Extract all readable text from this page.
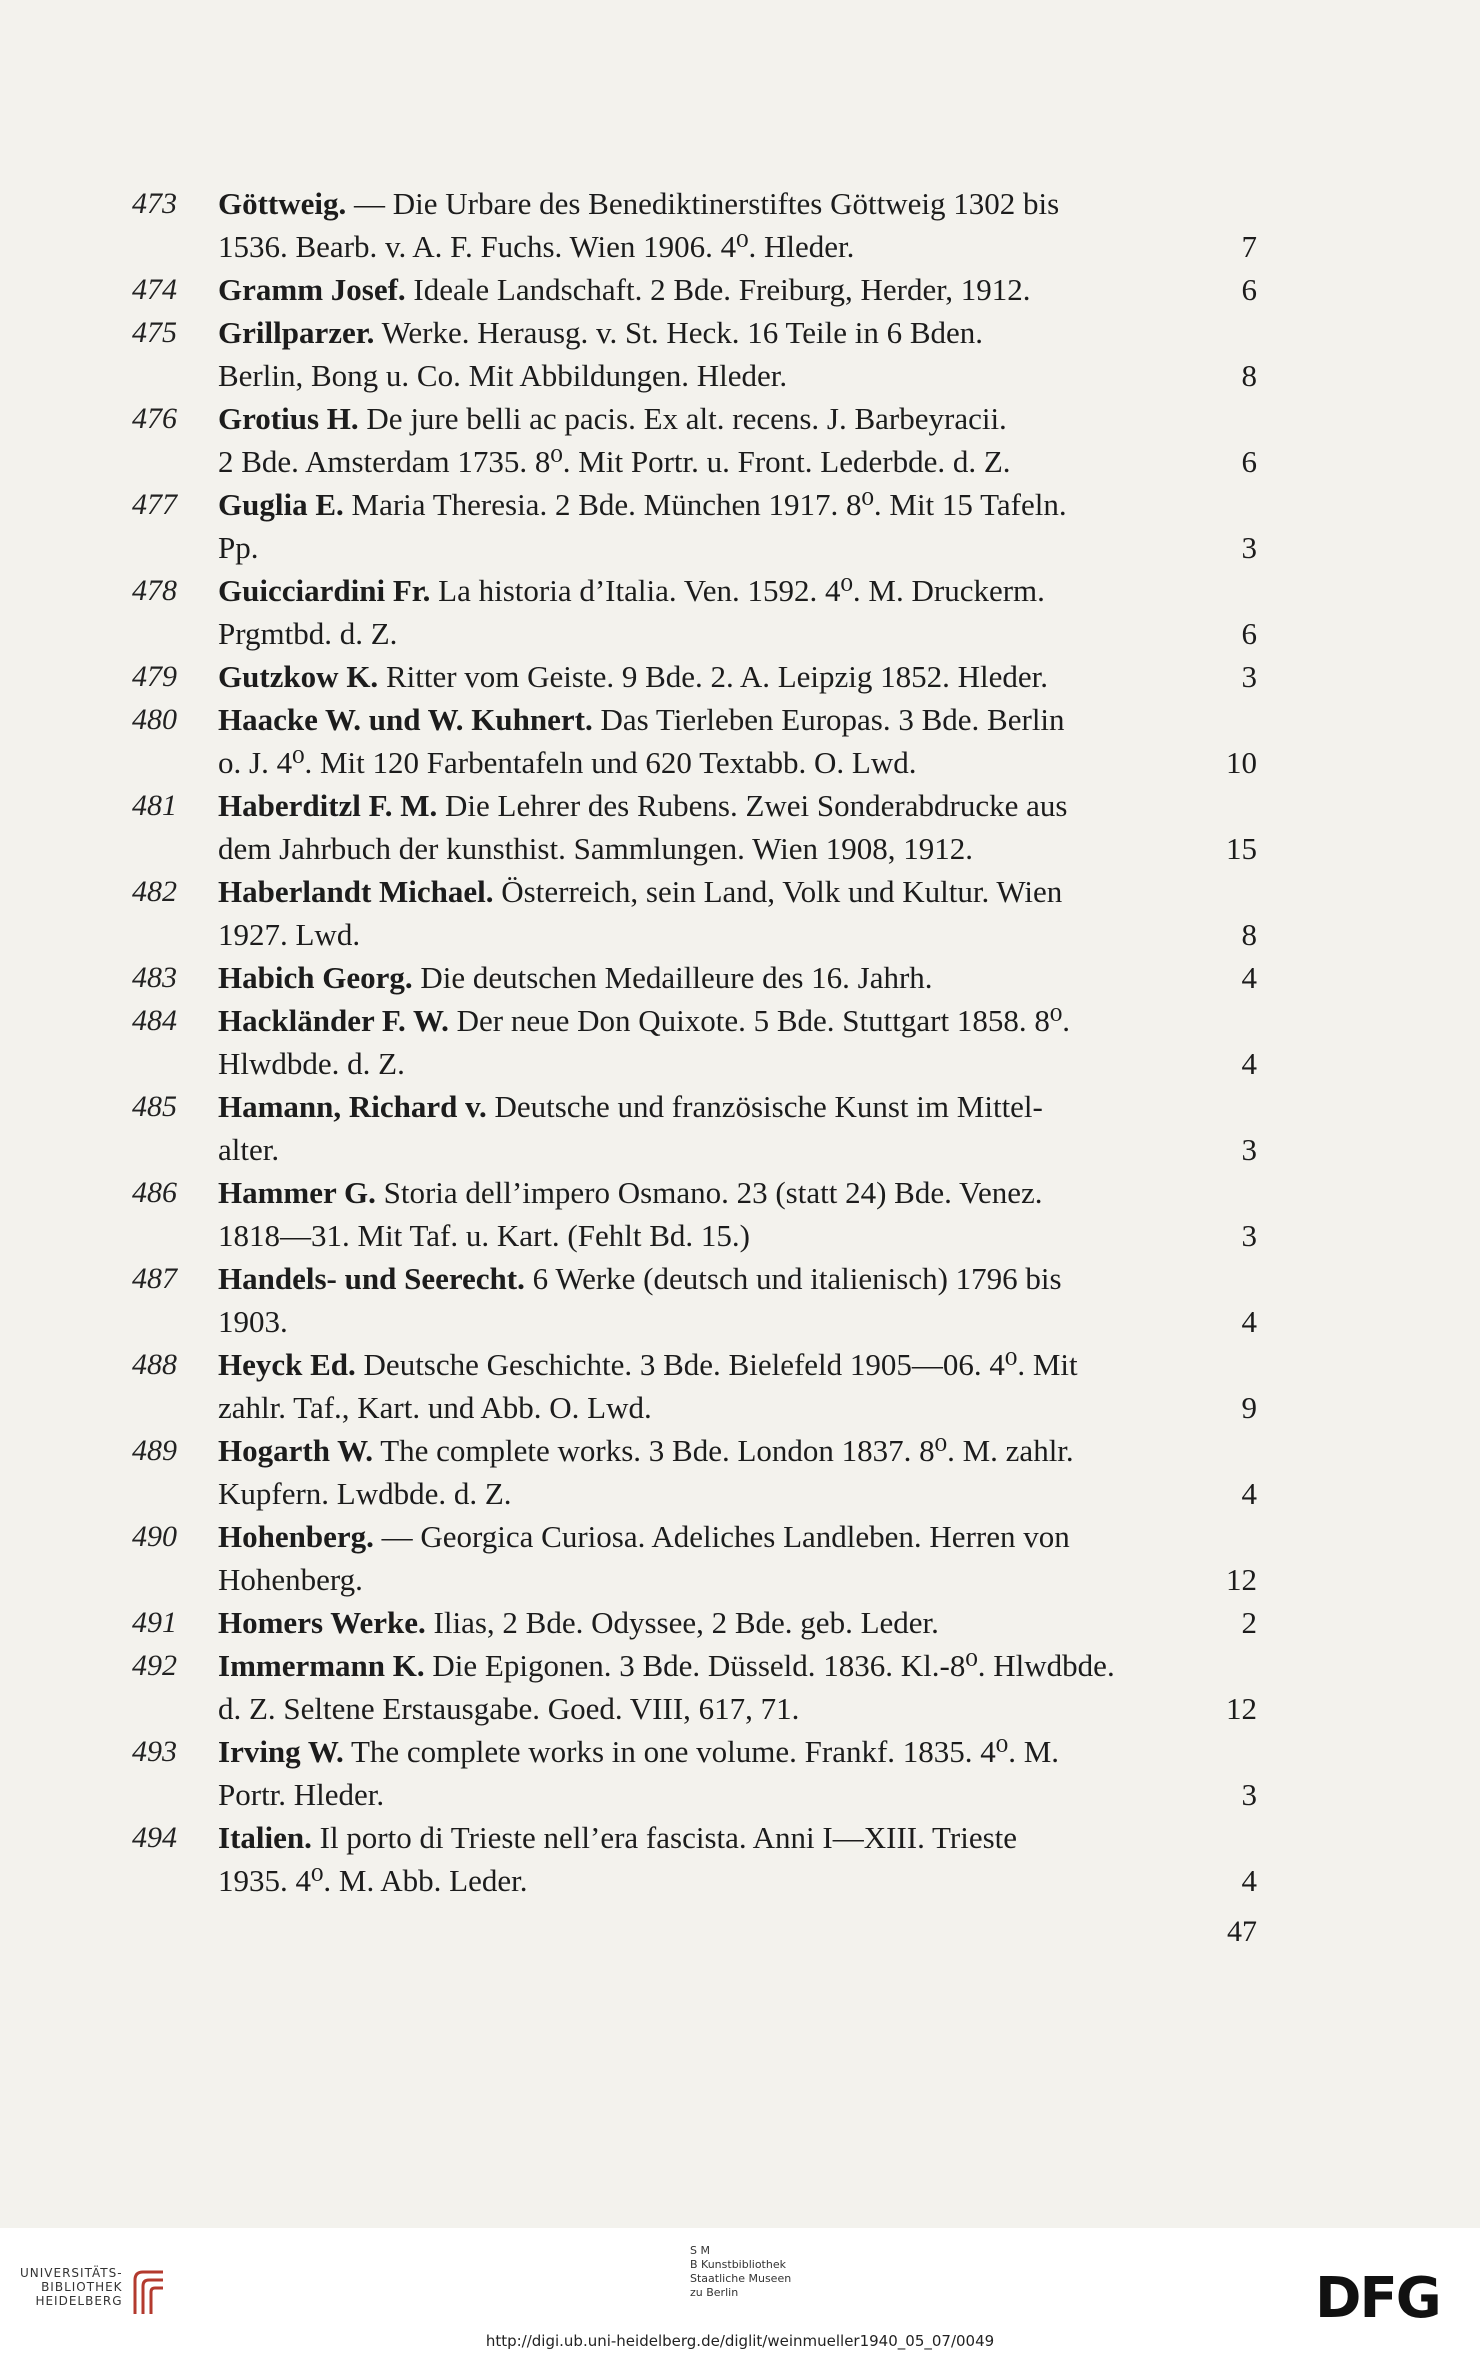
473 Göttweig. — Die Urbare des Benediktinerstiftes Göttweig 1302 bis
1536. Bearb. v. A. F. Fuchs. Wien 1906. 4⁰. Hleder.	7
474 Gramm Josef. Ideale Landschaft. 2 Bde. Freiburg, Herder, 1912.	6
475 Grillparzer. Werke. Herausg. v. St. Heck. 16 Teile in 6 Bden.
Berlin, Bong u. Co. Mit Abbildungen. Hleder.	8
476 Grotius H. De jure belli ac pacis. Ex alt. recens. J. Barbeyracii.
2 Bde. Amsterdam 1735. 8⁰. Mit Portr. u. Front. Lederbde. d. Z.	6
477 Guglia E. Maria Theresia. 2 Bde. München 1917. 8⁰. Mit 15 Tafeln.
Pp.	3
478 Guicciardini Fr. La historia d’Italia. Ven. 1592. 4⁰. M. Druckerm.
Prgmtbd. d. Z.	6
479 Gutzkow K. Ritter vom Geiste. 9 Bde. 2. A. Leipzig 1852. Hleder.	3
480 Haacke W. und W. Kuhnert. Das Tierleben Europas. 3 Bde. Berlin
o. J. 4⁰. Mit 120 Farbentafeln und 620 Textabb. O. Lwd.	10
481 Haberditzl F. M. Die Lehrer des Rubens. Zwei Sonderabdrucke aus
dem Jahrbuch der kunsthist. Sammlungen. Wien 1908, 1912.	15
482 Haberlandt Michael. Österreich, sein Land, Volk und Kultur. Wien
1927. Lwd.	8
483 Habich Georg. Die deutschen Medailleure des 16. Jahrh.	4
484 Hackländer F. W. Der neue Don Quixote. 5 Bde. Stuttgart 1858. 8⁰.
Hlwdbde. d. Z.	4
485 Hamann, Richard v. Deutsche und französische Kunst im Mittel-
alter.	3
486 Hammer G. Storia dell’impero Osmano. 23 (statt 24) Bde. Venez.
1818—31. Mit Taf. u. Kart. (Fehlt Bd. 15.)	3
487 Handels- und Seerecht. 6 Werke (deutsch und italienisch) 1796 bis
1903.	4
488 Heyck Ed. Deutsche Geschichte. 3 Bde. Bielefeld 1905—06. 4⁰. Mit
zahlr. Taf., Kart. und Abb. O. Lwd.	9
489 Hogarth W. The complete works. 3 Bde. London 1837. 8⁰. M. zahlr.
Kupfern. Lwdbde. d. Z.	4
490 Hohenberg. — Georgica Curiosa. Adeliches Landleben. Herren von
Hohenberg.	12
491 Homers Werke. Ilias, 2 Bde. Odyssee, 2 Bde. geb. Leder.	2
492 Immermann K. Die Epigonen. 3 Bde. Düsseld. 1836. Kl.-8⁰. Hlwdbde.
d. Z. Seltene Erstausgabe. Goed. VIII, 617, 71.	12
493 Irving W. The complete works in one volume. Frankf. 1835. 4⁰. M.
Portr. Hleder.	3
494 Italien. Il porto di Trieste nell’era fascista. Anni I—XIII. Trieste
1935. 4⁰. M. Abb. Leder.	4
47
UNIVERSITÄTS-
BIBLIOTHEK
HEIDELBERG
S M
B Kunstbibliothek
Staatliche Museen
zu Berlin	DFG
http://digi.ub.uni-heidelberg.de/diglit/weinmueller1940_05_07/0049
